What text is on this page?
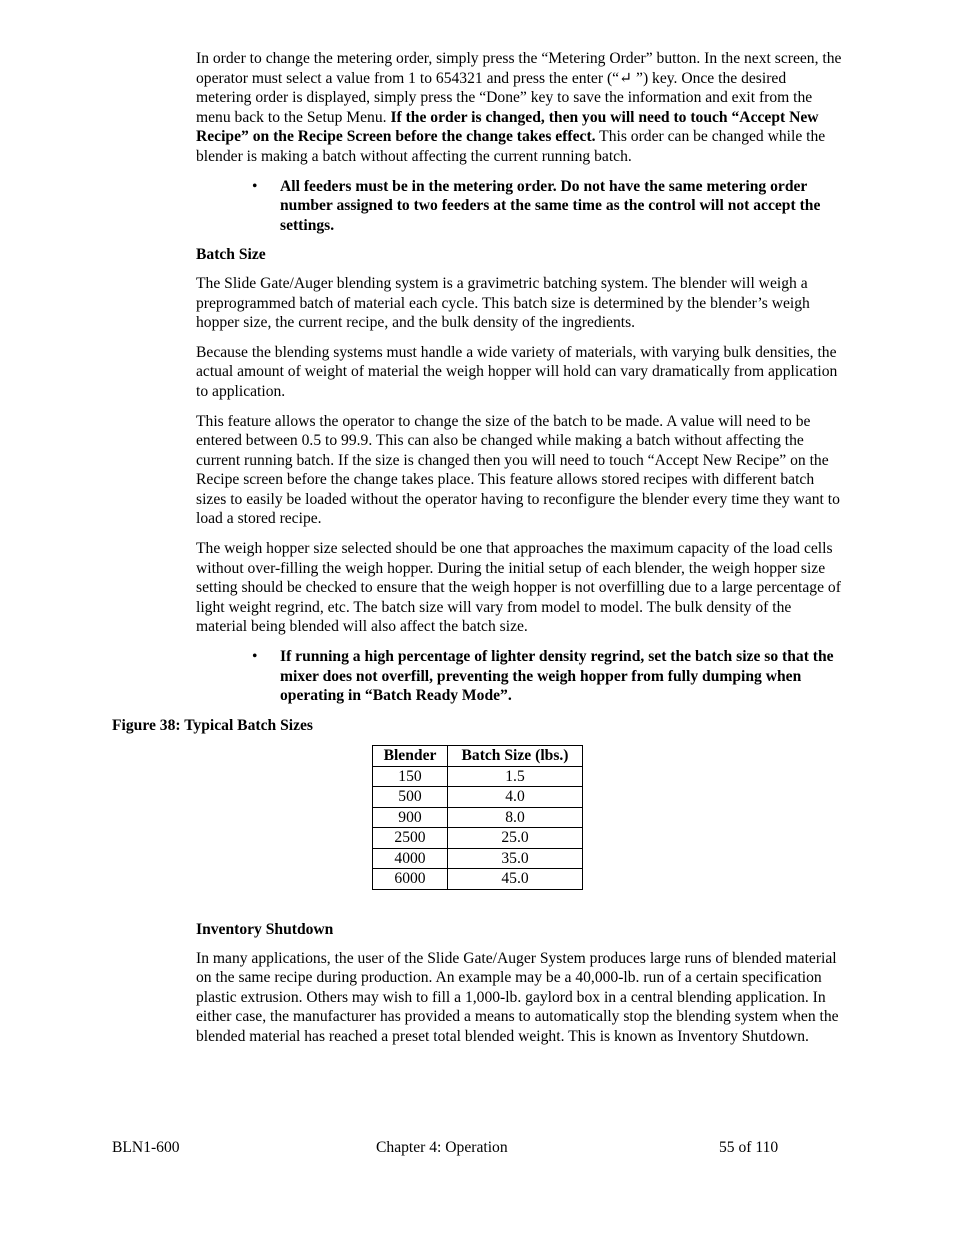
In order to change the metering order, simply press the “Metering Order” button. In the next screen, the operator must select a value from 1 to 654321 and press the enter (“↵ ”) key. Once the desired metering order is displayed, simply press the “Done” key to save the information and exit from the menu back to the Setup Menu. If the order is changed, then you will need to touch “Accept New Recipe” on the Recipe Screen before the change takes effect. This order can be changed while the blender is making a batch without affecting the current running batch.

• All feeders must be in the metering order. Do not have the same metering order number assigned to two feeders at the same time as the control will not accept the settings.
Batch Size

The Slide Gate/Auger blending system is a gravimetric batching system. The blender will weigh a preprogrammed batch of material each cycle. This batch size is determined by the blender’s weigh hopper size, the current recipe, and the bulk density of the ingredients.

Because the blending systems must handle a wide variety of materials, with varying bulk densities, the actual amount of weight of material the weigh hopper will hold can vary dramatically from application to application.

This feature allows the operator to change the size of the batch to be made. A value will need to be entered between 0.5 to 99.9. This can also be changed while making a batch without affecting the current running batch. If the size is changed then you will need to touch “Accept New Recipe” on the Recipe screen before the change takes place. This feature allows stored recipes with different batch sizes to easily be loaded without the operator having to reconfigure the blender every time they want to load a stored recipe.

The weigh hopper size selected should be one that approaches the maximum capacity of the load cells without over-filling the weigh hopper. During the initial setup of each blender, the weigh hopper size setting should be checked to ensure that the weigh hopper is not overfilling due to a large percentage of light weight regrind, etc. The batch size will vary from model to model. The bulk density of the material being blended will also affect the batch size.

• If running a high percentage of lighter density regrind, set the batch size so that the mixer does not overfill, preventing the weigh hopper from fully dumping when operating in “Batch Ready Mode”.
Figure 38: Typical Batch Sizes
Blender	Batch Size (lbs.)
150	1.5
500	4.0
900	8.0
2500	25.0
4000	35.0
6000	45.0
Inventory Shutdown

In many applications, the user of the Slide Gate/Auger System produces large runs of blended material on the same recipe during production. An example may be a 40,000-lb. run of a certain specification plastic extrusion. Others may wish to fill a 1,000-lb. gaylord box in a central blending application. In either case, the manufacturer has provided a means to automatically stop the blending system when the blended material has reached a preset total blended weight. This is known as Inventory Shutdown.

BLN1-600	Chapter 4: Operation	55 of 110
